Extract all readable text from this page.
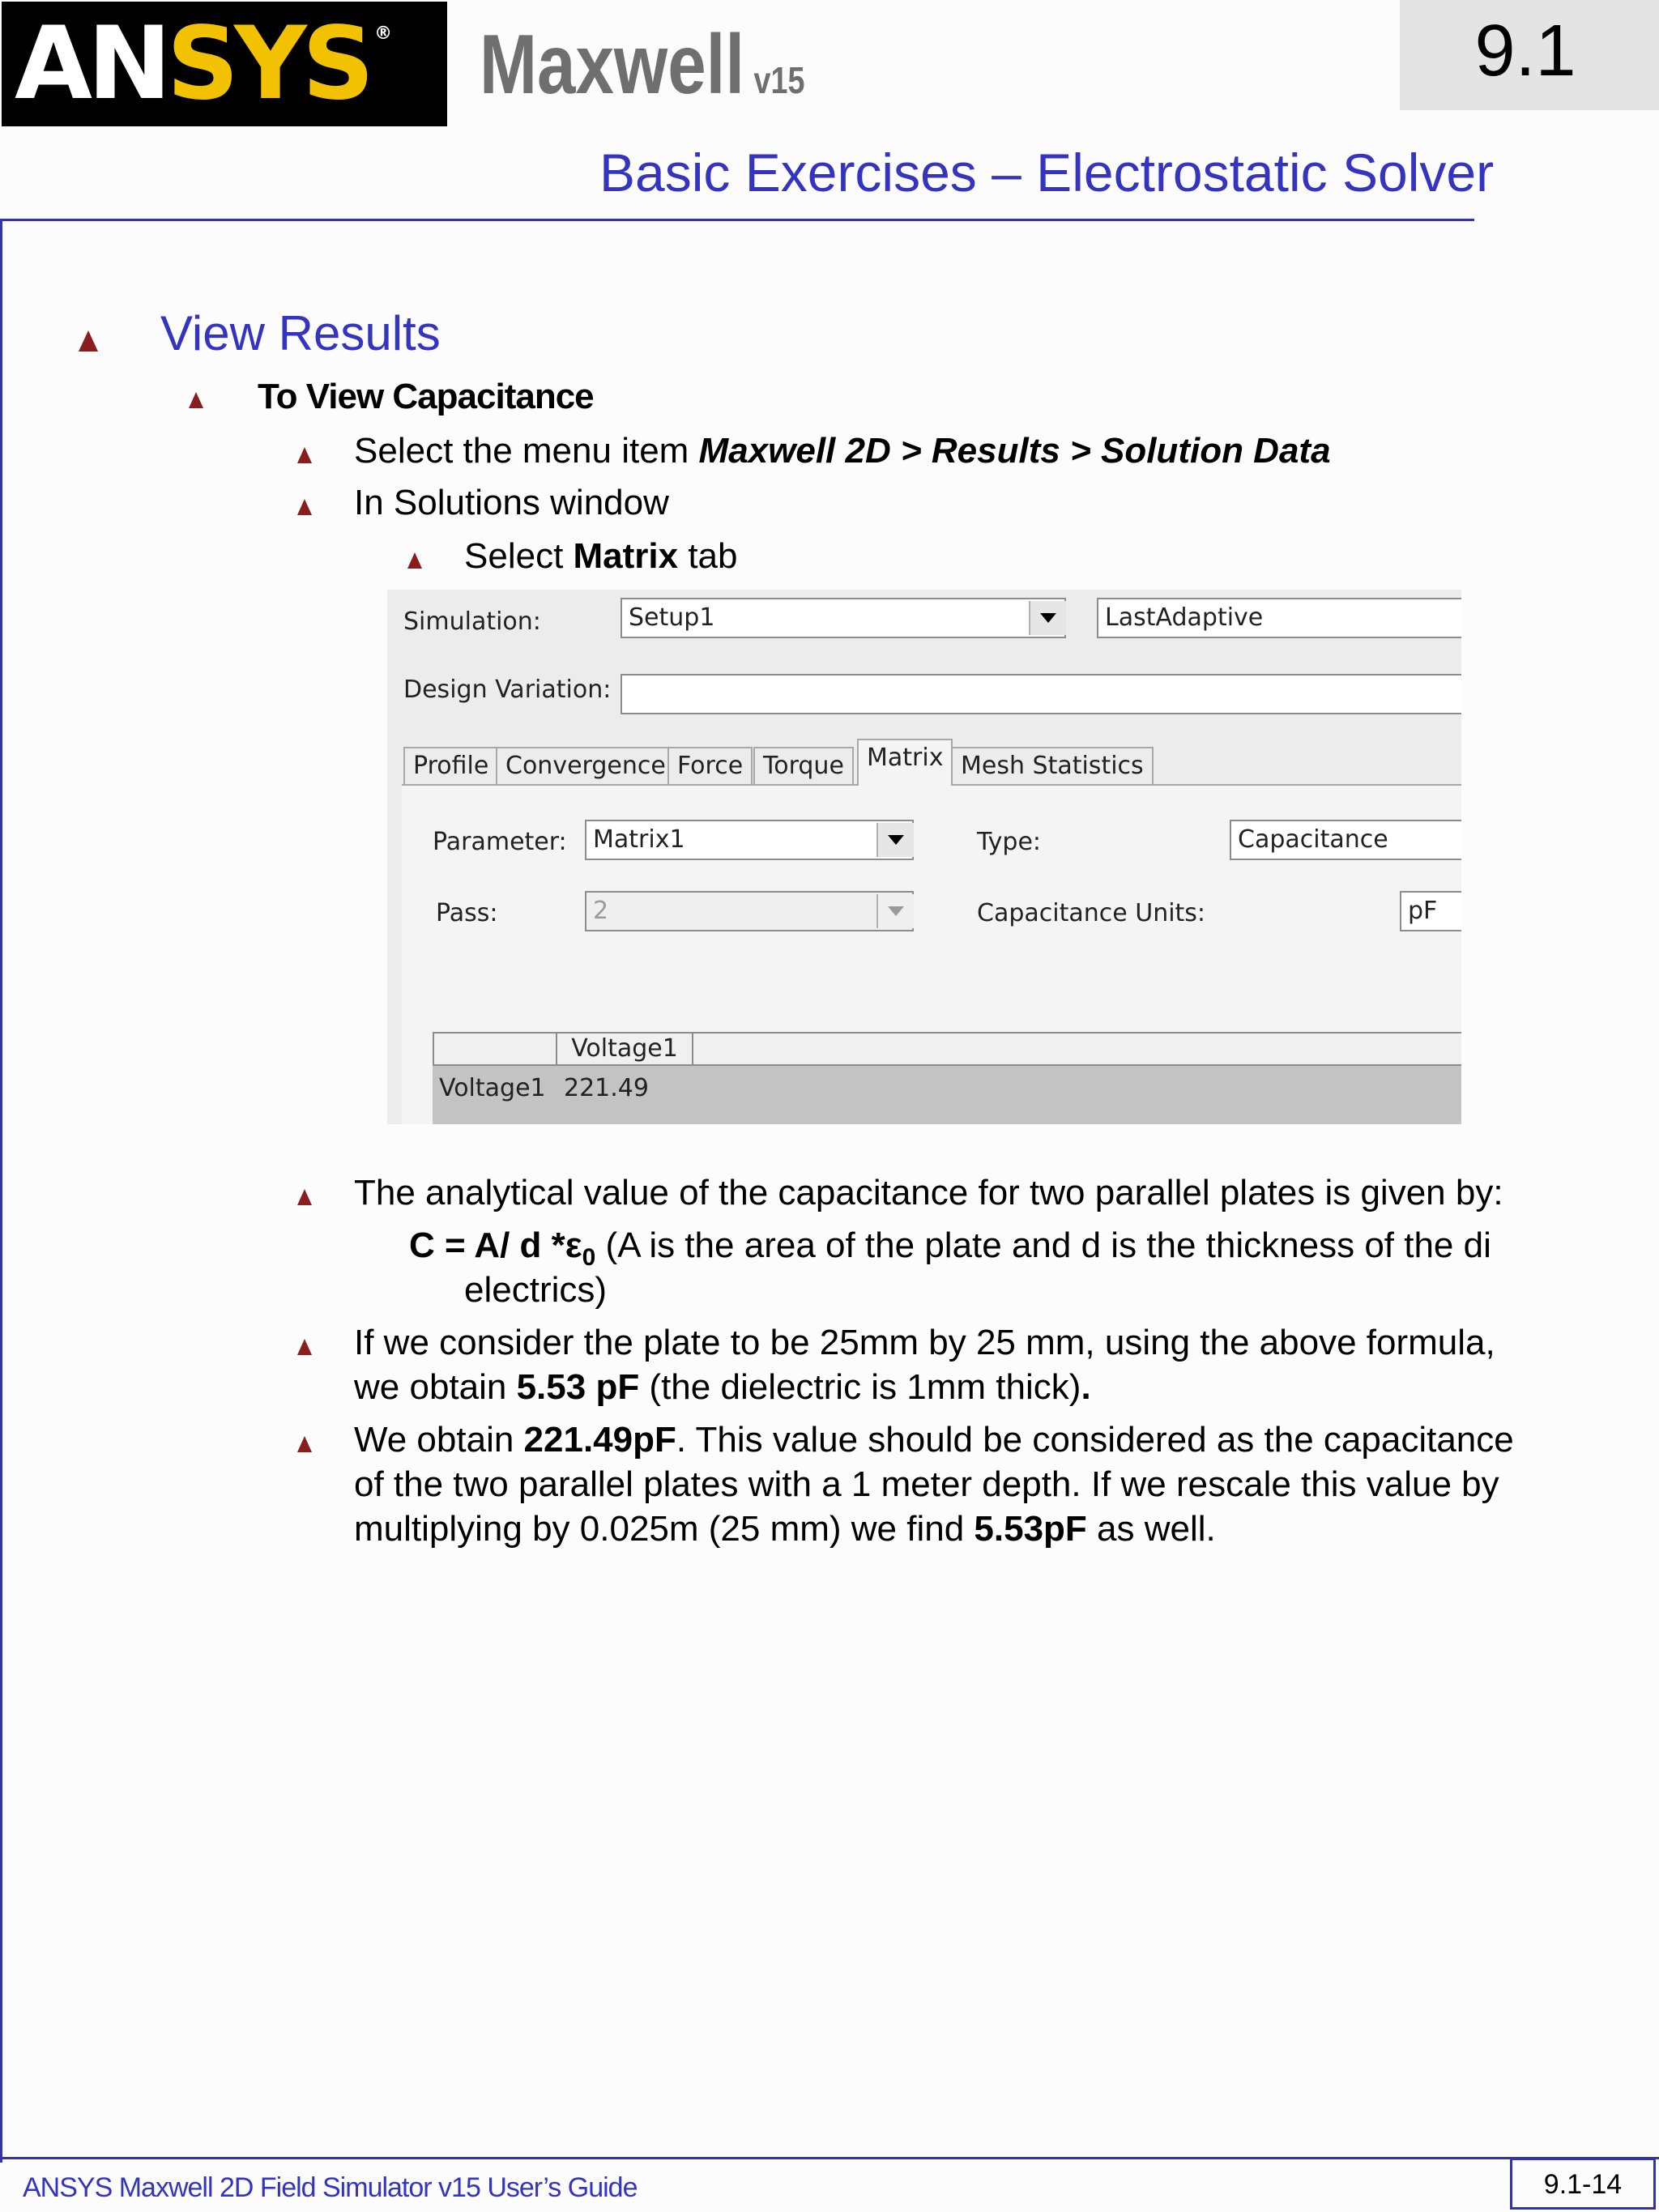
ANSYS ® Maxwell v15	9.1
Basic Exercises – Electrostatic Solver
View Results
To View Capacitance
Select the menu item Maxwell 2D > Results > Solution Data
In Solutions window
Select Matrix tab
Simulation:	Setup1	LastAdaptive
Design Variation:
Profile Convergence Force Torque Matrix Mesh Statistics
Parameter:	Matrix1	Type:	Capacitance
Pass:	2	Capacitance Units:	pF
Voltage1
Voltage1 221.49
The analytical value of the capacitance for two parallel plates is given by:
C = A/ d $*\varepsilon_0$ (A is the area of the plate and d is the thickness of the di
electrics)
If we consider the plate to be 25mm by 25 mm, using the above formula,
we obtain 5.53 pF (the dielectric is 1mm thick).
We obtain 221.49pF. This value should be considered as the capacitance
of the two parallel plates with a 1 meter depth. If we rescale this value by
multiplying by 0.025m (25 mm) we find 5.53pF as well.
ANSYS Maxwell 2D Field Simulator v15 User’s Guide	9.1-14
